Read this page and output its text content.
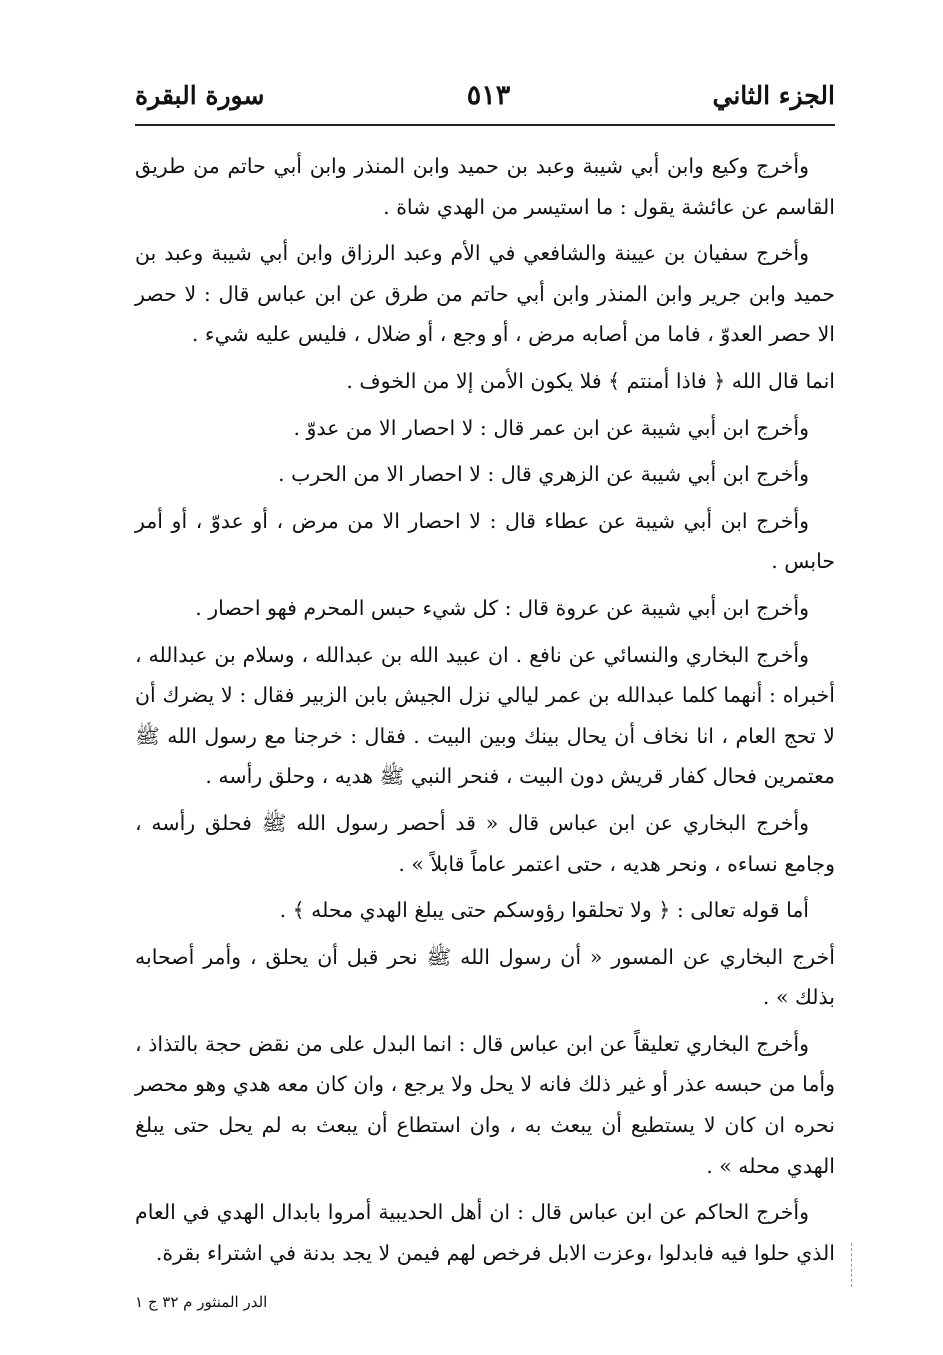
الجزء الثاني
٥١٣
سورة البقرة

وأخرج وكيع وابن أبي شيبة وعبد بن حميد وابن المنذر وابن أبي حاتم من طريق القاسم عن عائشة يقول : ما استيسر من الهدي شاة .

وأخرج سفيان بن عيينة والشافعي في الأم وعبد الرزاق وابن أبي شيبة وعبد بن حميد وابن جرير وابن المنذر وابن أبي حاتم من طرق عن ابن عباس قال : لا حصر الا حصر العدوّ ، فاما من أصابه مرض ، أو وجع ، أو ضلال ، فليس عليه شيء .

انما قال الله ﴿ فاذا أمنتم ﴾ فلا يكون الأمن إلا من الخوف .

وأخرج ابن أبي شيبة عن ابن عمر قال : لا احصار الا من عدوّ .

وأخرج ابن أبي شيبة عن الزهري قال : لا احصار الا من الحرب .

وأخرج ابن أبي شيبة عن عطاء قال : لا احصار الا من مرض ، أو عدوّ ، أو أمر حابس .

وأخرج ابن أبي شيبة عن عروة قال : كل شيء حبس المحرم فهو احصار .

وأخرج البخاري والنسائي عن نافع . ان عبيد الله بن عبدالله ، وسلام بن عبدالله ، أخبراه : أنهما كلما عبدالله بن عمر ليالي نزل الجيش بابن الزبير فقال : لا يضرك أن لا تحج العام ، انا نخاف أن يحال بينك وبين البيت . فقال : خرجنا مع رسول الله ﷺ معتمرين فحال كفار قريش دون البيت ، فنحر النبي ﷺ هديه ، وحلق رأسه .

وأخرج البخاري عن ابن عباس قال « قد أحصر رسول الله ﷺ فحلق رأسه ، وجامع نساءه ، ونحر هديه ، حتى اعتمر عاماً قابلاً » .

أما قوله تعالى : ﴿ ولا تحلقوا رؤوسكم حتى يبلغ الهدي محله ﴾ .

أخرج البخاري عن المسور « أن رسول الله ﷺ نحر قبل أن يحلق ، وأمر أصحابه بذلك » .

وأخرج البخاري تعليقاً عن ابن عباس قال : انما البدل على من نقض حجة بالتذاذ ، وأما من حبسه عذر أو غير ذلك فانه لا يحل ولا يرجع ، وان كان معه هدي وهو محصر نحره ان كان لا يستطيع أن يبعث به ، وان استطاع أن يبعث به لم يحل حتى يبلغ الهدي محله » .

وأخرج الحاكم عن ابن عباس قال : ان أهل الحديبية أمروا بابدال الهدي في العام الذي حلوا فيه فابدلوا ،وعزت الابل فرخص لهم فيمن لا يجد بدنة في اشتراء بقرة.

الدر المنثور م ٣٢ ج ١
